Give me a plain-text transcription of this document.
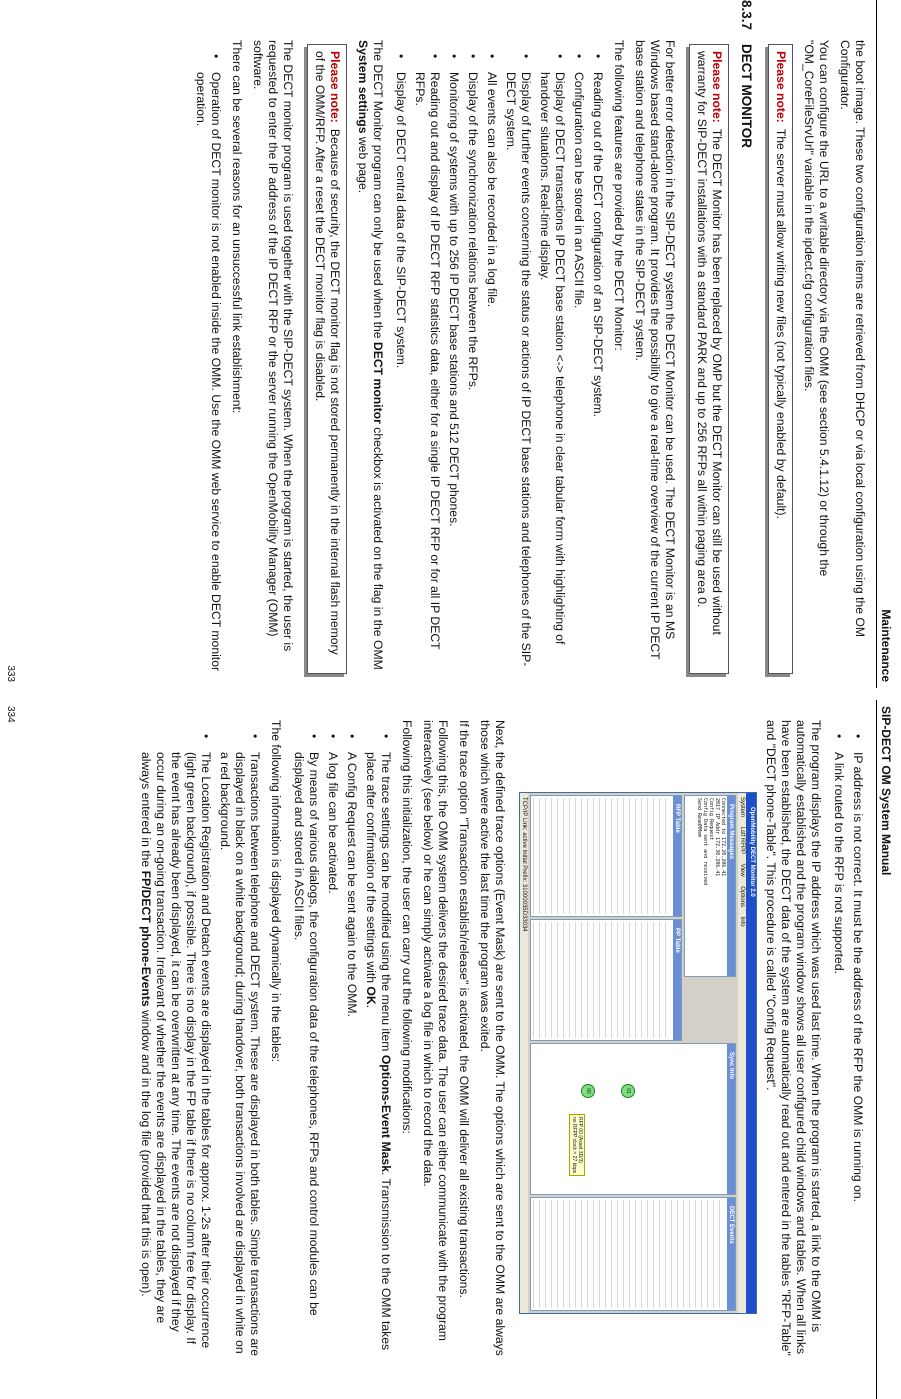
Maintenance

the boot image. These two configuration items are retrieved from DHCP or via local configuration using the OM Configurator.

You can configure the URL to a writable directory via the OMM (see section 5.4.1.12) or through the "OM_CoreFileSrvUrl" variable in the ipdect.cfg configuration files.

Please note:The server must allow writing new files (not typically enabled by default).
8.3.7DECT MONITOR
Please note:The DECT Monitor has been replaced by OMP but the DECT Monitor can still be used without warranty for SIP-DECT installations with a standard PARK and up to 256 RFPs all within paging area 0.

For better error detection in the SIP-DECT system the DECT Monitor can be used. The DECT Monitor is an MS Windows based stand-alone program. It provides the possibility to give a real-time overview of the current IP DECT base station and telephone states in the SIP-DECT system.

The following features are provided by the DECT Monitor:

•
Reading out of the DECT configuration of an SIP-DECT system.
•
Configuration can be stored in an ASCII file.
•
Display of DECT transactions IP DECT base station <-> telephone in clear tabular form with highlighting of handover situations. Real-time display.
•
Display of further events concerning the status or actions of IP DECT base stations and telephones of the SIP-DECT system.
•
All events can also be recorded in a log file.
•
Display of the synchronization relations between the RFPs.
•
Monitoring of systems with up to 256 IP DECT base stations and 512 DECT phones.
•
Reading out and display of IP DECT RFP statistics data, either for a single IP DECT RFP or for all IP DECT RFPs.
•
Display of DECT central data of the SIP-DECT system.

The DECT Monitor program can only be used when the DECT monitor checkbox is activated on the flag in the OMM System settings web page.

Please note:Because of security, the DECT monitor flag is not stored permanently in the internal flash memory of the OMM/RFP. After a reset the DECT monitor flag is disabled.

The DECT monitor program is used together with the SIP-DECT system. When the program is started, the user is requested to enter the IP address of the IP DECT RFP or the server running the OpenMobility Manager (OMM) software.

There can be several reasons for an unsuccessful link establishment:

•
Operation of DECT monitor is not enabled inside the OMM. Use the OMM web service to enable DECT monitor operation.
333
SIP-DECT OM System Manual
•
IP address is not correct. It must be the address of the RFP the OMM is running on.
•
A link routed to the RFP is not supported.

The program displays the IP address which was used last time. When the program is started, a link to the OMM is automatically established and the program window shows all user configured child windows and tables. When all links have been established, the DECT data of the system are automatically read out and entered in the tables "RFP-Table" and "DECT phone-Table". This procedure is called "Config Request".

OpenMobility DECT Monitor 2.0
System Lstf RFPP View Options Info
Program Messages
Connected to 172.20.206.41
2017 IP Addr 172.30.206.41
Config Request
Config Data sent and received
Send ReadMMem
RFP Table
PP Table
Sync Info
01
00
RFP 00 (Asset 3D/3)
no RFPP clock = 27 kbps
DECT Events
TCP/IP Link: active Initial Prefix: 31000035D33034

Next, the defined trace options (Event Mask) are sent to the OMM. The options which are sent to the OMM are always those which were active the last time the program was exited.

If the trace option "Transaction establish/release" is activated, the OMM will deliver all existing transactions.

Following this, the OMM system delivers the desired trace data. The user can either communicate with the program interactively (see below) or he can simply activate a log file in which to record the data.

Following this initialization, the user can carry out the following modifications:

•
The trace settings can be modified using the menu item Options-Event Mask. Transmission to the OMM takes place after confirmation of the settings with OK.
•
A Config Request can be sent again to the OMM.
•
A log file can be activated.
•
By means of various dialogs, the configuration data of the telephones, RFPs and control modules can be displayed and stored in ASCII files.

The following information is displayed dynamically in the tables:

•
Transactions between telephone and DECT system. These are displayed in both tables. Simple transactions are displayed in black on a white background; during handover, both transactions involved are displayed in white on a red background.
•
The Location Registration and Detach events are displayed in the tables for approx. 1-2s after their occurrence (light green background), if possible. There is no display in the FP table if there is no column free for display. If the event has already been displayed, it can be overwritten at any time. The events are not displayed if they occur during an on-going transaction. Irrelevant of whether the events are displayed in the tables, they are always entered in the FP/DECT phone-Events window and in the log file (provided that this is open).
334
